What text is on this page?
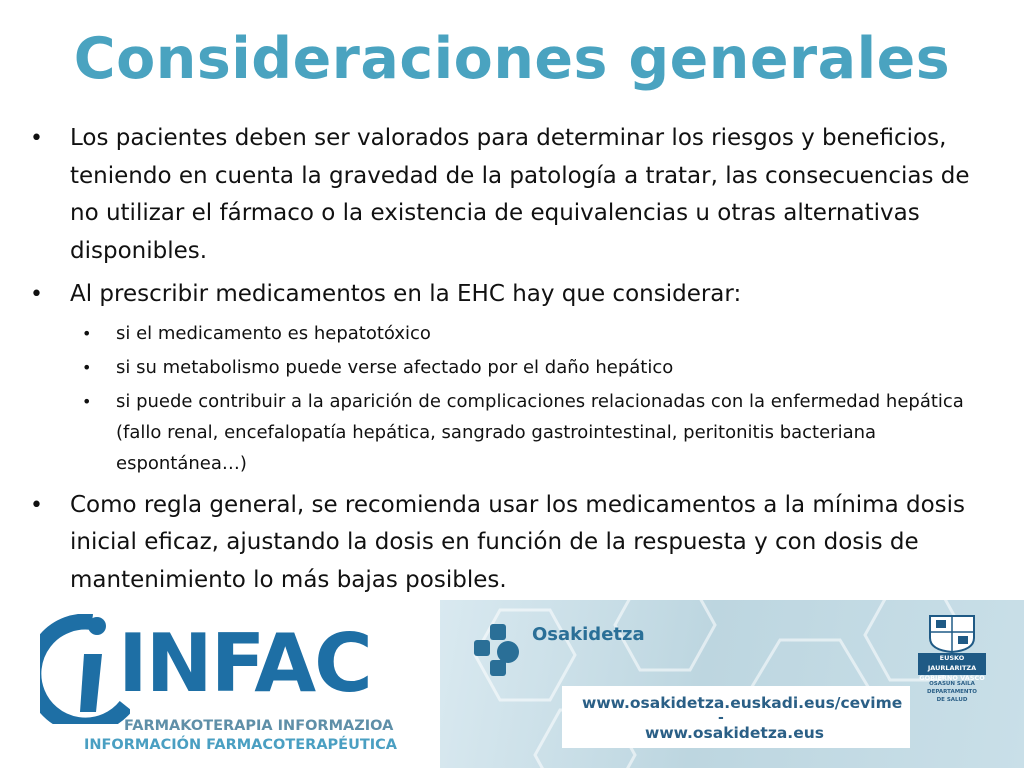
Consideraciones generales
• Los pacientes deben ser valorados para determinar los riesgos y beneficios, teniendo en cuenta la gravedad de la patología a tratar, las consecuencias de no utilizar el fármaco o la existencia de equivalencias u otras alternativas disponibles.
• Al prescribir medicamentos en la EHC hay que considerar:
• si el medicamento es hepatotóxico
• si su metabolismo puede verse afectado por el daño hepático
• si puede contribuir a la aparición de complicaciones relacionadas con la enfermedad hepática (fallo renal, encefalopatía hepática, sangrado gastrointestinal, peritonitis bacteriana espontánea…)
• Como regla general, se recomienda usar los medicamentos a la mínima dosis inicial eficaz, ajustando la dosis en función de la respuesta y con dosis de mantenimiento lo más bajas posibles.
INFAC
FARMAKOTERAPIA INFORMAZIOA
INFORMACIÓN FARMACOTERAPÉUTICA
Osakidetza
www.osakidetza.euskadi.eus/cevime
-
www.osakidetza.eus
EUSKO JAURLARITZA GOBIERNO VASCO
OSASUN SAILA DEPARTAMENTO DE SALUD
